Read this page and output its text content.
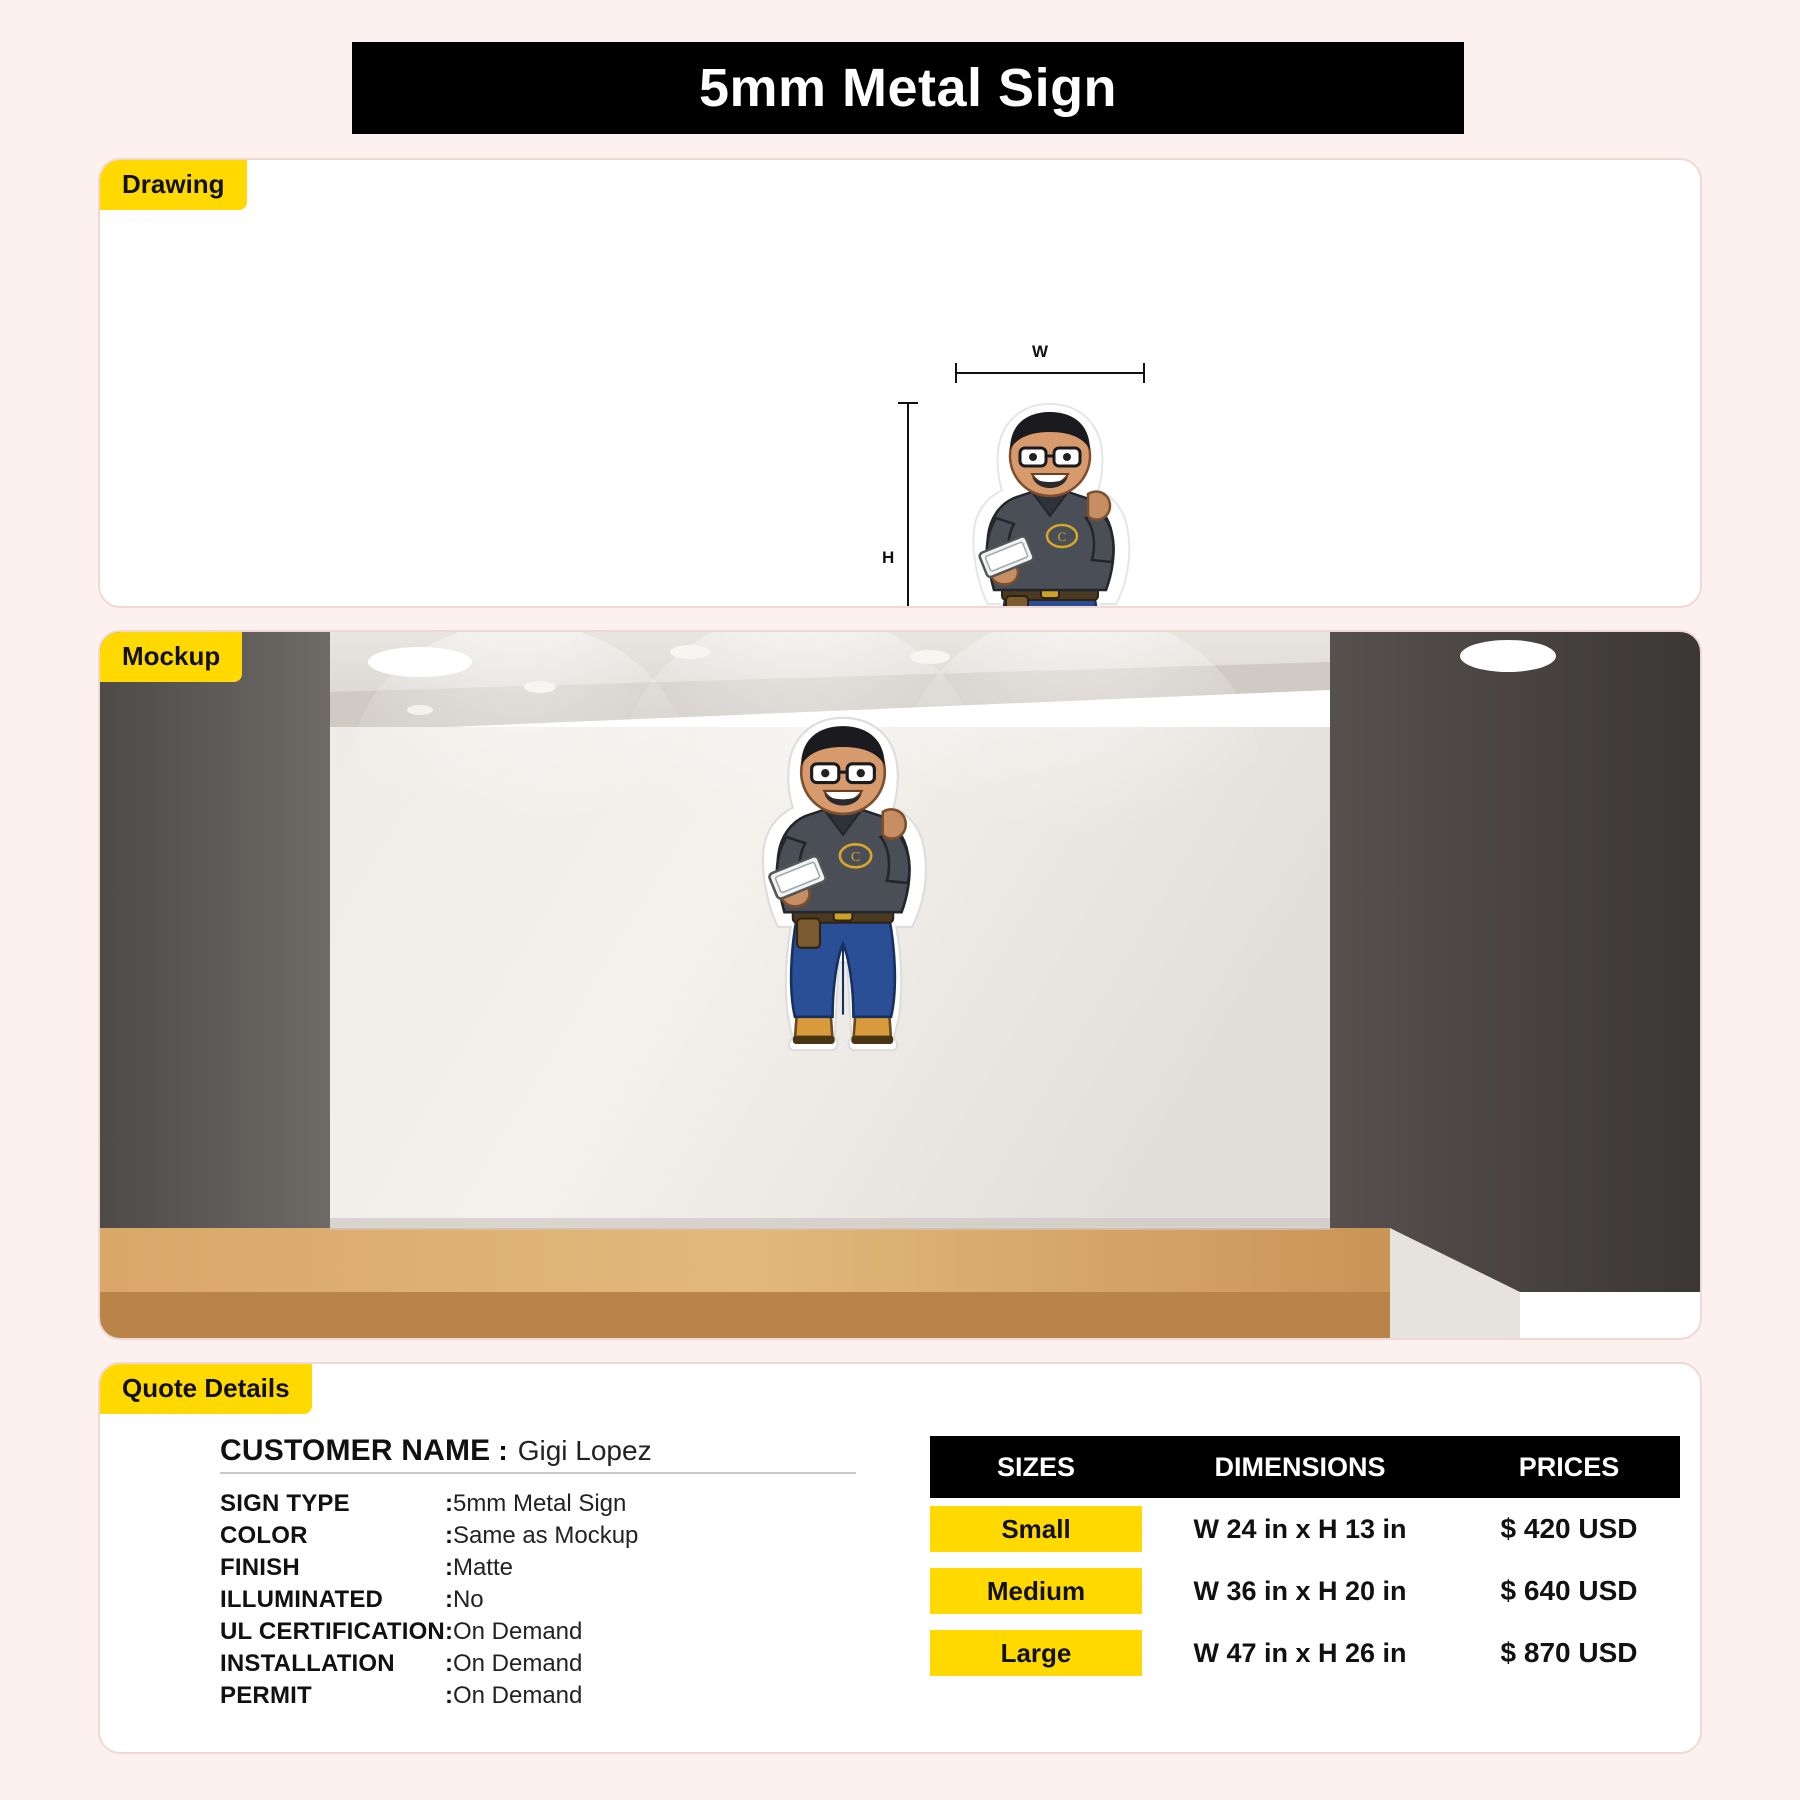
5mm Metal Sign
W
H
C
Drawing
C
Mockup
CUSTOMER NAME : Gigi Lopez
SIGN TYPE	:	5mm Metal Sign
COLOR	:	Same as Mockup
FINISH	:	Matte
ILLUMINATED	:	No
UL CERTIFICATION	:	On Demand
INSTALLATION	:	On Demand
PERMIT	:	On Demand
SIZES	DIMENSIONS	PRICES
Small	W 24 in x H 13 in	$ 420 USD
Medium	W 36 in x H 20 in	$ 640 USD
Large	W 47 in x H 26 in	$ 870 USD
Quote Details
